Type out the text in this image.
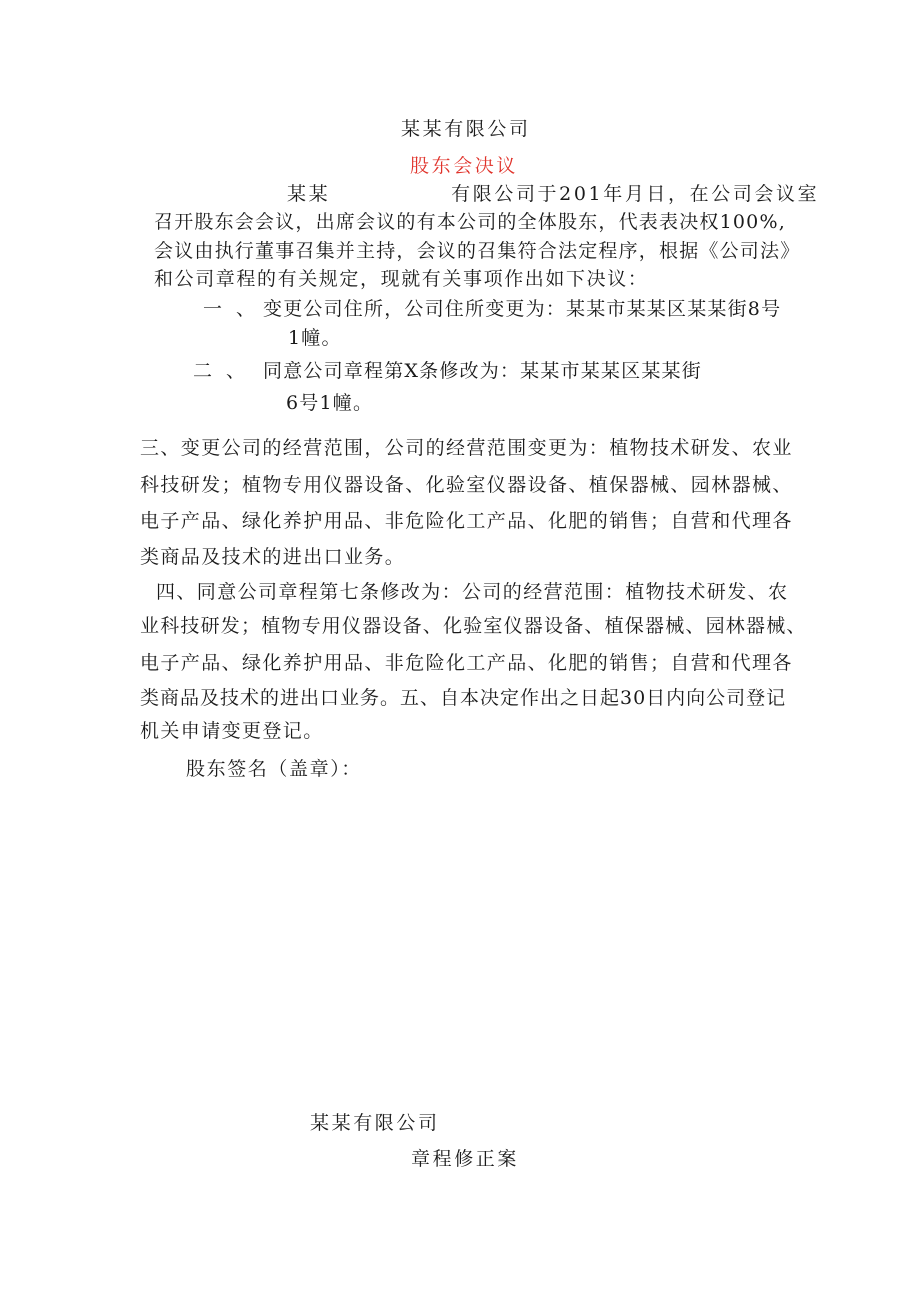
某某有限公司
股东会决议
某某              有限公司于201年月日，在公司会议室
召开股东会会议，出席会议的有本公司的全体股东，代表表决权100%,
会议由执行董事召集并主持，会议的召集符合法定程序，根据《公司法》
和公司章程的有关规定，现就有关事项作出如下决议：
一、
变更公司住所，公司住所变更为：某某市某某区某某街8号
1幢。
二、 同意公司章程第X条修改为：某某市某某区某某街
6号1幢。
三、变更公司的经营范围，公司的经营范围变更为：植物技术研发、农业
科技研发；植物专用仪器设备、化验室仪器设备、植保器械、园林器械、
电子产品、绿化养护用品、非危险化工产品、化肥的销售；自营和代理各
类商品及技术的进出口业务。
四、同意公司章程第七条修改为：公司的经营范围：植物技术研发、农
业科技研发；植物专用仪器设备、化验室仪器设备、植保器械、园林器械、
电子产品、绿化养护用品、非危险化工产品、化肥的销售；自营和代理各
类商品及技术的进出口业务。五、自本决定作出之日起30日内向公司登记
机关申请变更登记。
股东签名（盖章）：
某某有限公司
章程修正案
